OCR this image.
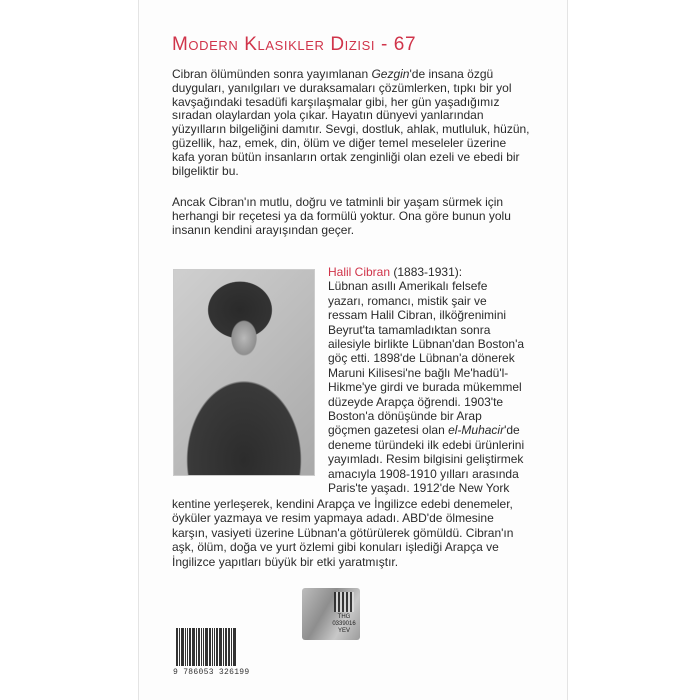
Modern Klasikler Dizisi - 67
Cibran ölümünden sonra yayımlanan Gezgin'de insana özgü
duyguları, yanılgıları ve duraksamaları çözümlerken, tıpkı bir yol
kavşağındaki tesadüfi karşılaşmalar gibi, her gün yaşadığımız
sıradan olaylardan yola çıkar. Hayatın dünyevi yanlarından
yüzyılların bilgeliğini damıtır. Sevgi, dostluk, ahlak, mutluluk, hüzün,
güzellik, haz, emek, din, ölüm ve diğer temel meseleler üzerine
kafa yoran bütün insanların ortak zenginliği olan ezeli ve ebedi bir
bilgeliktir bu.
Ancak Cibran'ın mutlu, doğru ve tatminli bir yaşam sürmek için
herhangi bir reçetesi ya da formülü yoktur. Ona göre bunun yolu
insanın kendini arayışından geçer.
Halil Cibran (1883-1931):
Lübnan asıllı Amerikalı felsefe
yazarı, romancı, mistik şair ve
ressam Halil Cibran, ilköğrenimini
Beyrut'ta tamamladıktan sonra
ailesiyle birlikte Lübnan'dan Boston'a
göç etti. 1898'de Lübnan'a dönerek
Maruni Kilisesi'ne bağlı Me'hadü'l-
Hikme'ye girdi ve burada mükemmel
düzeyde Arapça öğrendi. 1903'te
Boston'a dönüşünde bir Arap
göçmen gazetesi olan el-Muhacir'de
deneme türündeki ilk edebi ürünlerini
yayımladı. Resim bilgisini geliştirmek
amacıyla 1908-1910 yılları arasında
Paris'te yaşadı. 1912'de New York
kentine yerleşerek, kendini Arapça ve İngilizce edebi denemeler,
öyküler yazmaya ve resim yapmaya adadı. ABD'de ölmesine
karşın, vasiyeti üzerine Lübnan'a götürülerek gömüldü. Cibran'ın
aşk, ölüm, doğa ve yurt özlemi gibi konuları işlediği Arapça ve
İngilizce yapıtları büyük bir etki yaratmıştır.
9 786053 326199
THG
0339016
YEV
